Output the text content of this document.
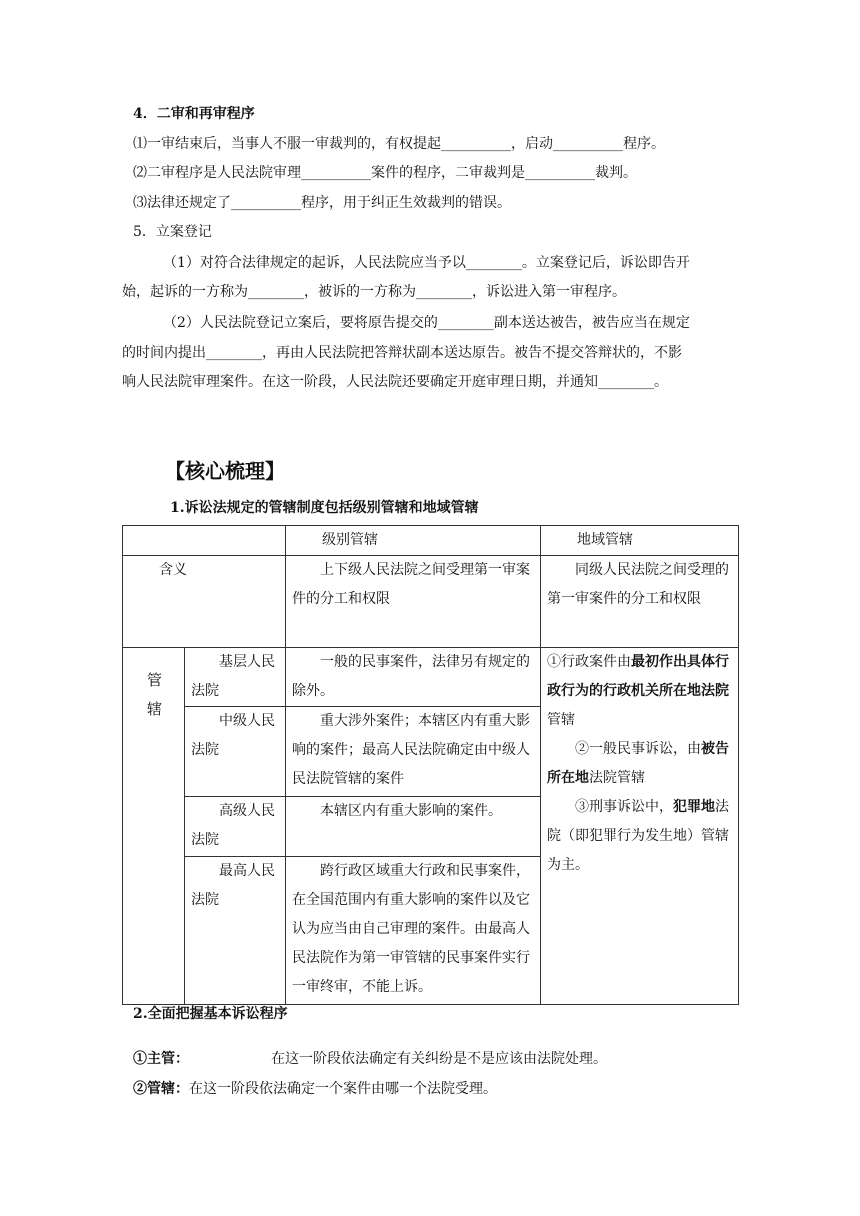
4．二审和再审程序
⑴一审结束后，当事人不服一审裁判的，有权提起__________，启动__________程序。
⑵二审程序是人民法院审理__________案件的程序，二审裁判是__________裁判。
⑶法律还规定了__________程序，用于纠正生效裁判的错误。
5．立案登记
（1）对符合法律规定的起诉，人民法院应当予以________。立案登记后，诉讼即告开
始，起诉的一方称为________，被诉的一方称为________，诉讼进入第一审程序。
（2）人民法院登记立案后，要将原告提交的________副本送达被告，被告应当在规定
的时间内提出________，再由人民法院把答辩状副本送达原告。被告不提交答辩状的，不影
响人民法院审理案件。在这一阶段，人民法院还要确定开庭审理日期，并通知________。
【核心梳理】
1.诉讼法规定的管辖制度包括级别管辖和地域管辖
		级别管辖	地域管辖
含义		上下级人民法院之间受理第一审案件的分工和权限	同级人民法院之间受理的第一审案件的分工和权限
管辖	基层人民法院	一般的民事案件，法律另有规定的除外。	①行政案件由最初作出具体行政行为的行政机关所在地法院管辖
②一般民事诉讼，由被告所在地法院管辖
③刑事诉讼中，犯罪地法院（即犯罪行为发生地）管辖为主。

	中级人民法院	重大涉外案件；本辖区内有重大影响的案件；最高人民法院确定由中级人民法院管辖的案件	
	高级人民法院	本辖区内有重大影响的案件。	
	最高人民法院	跨行政区域重大行政和民事案件，在全国范围内有重大影响的案件以及它认为应当由自己审理的案件。由最高人民法院作为第一审管辖的民事案件实行一审终审，不能上诉。	
2.全面把握基本诉讼程序
①主管：	在这一阶段依法确定有关纠纷是不是应该由法院处理。
②管辖：在这一阶段依法确定一个案件由哪一个法院受理。
